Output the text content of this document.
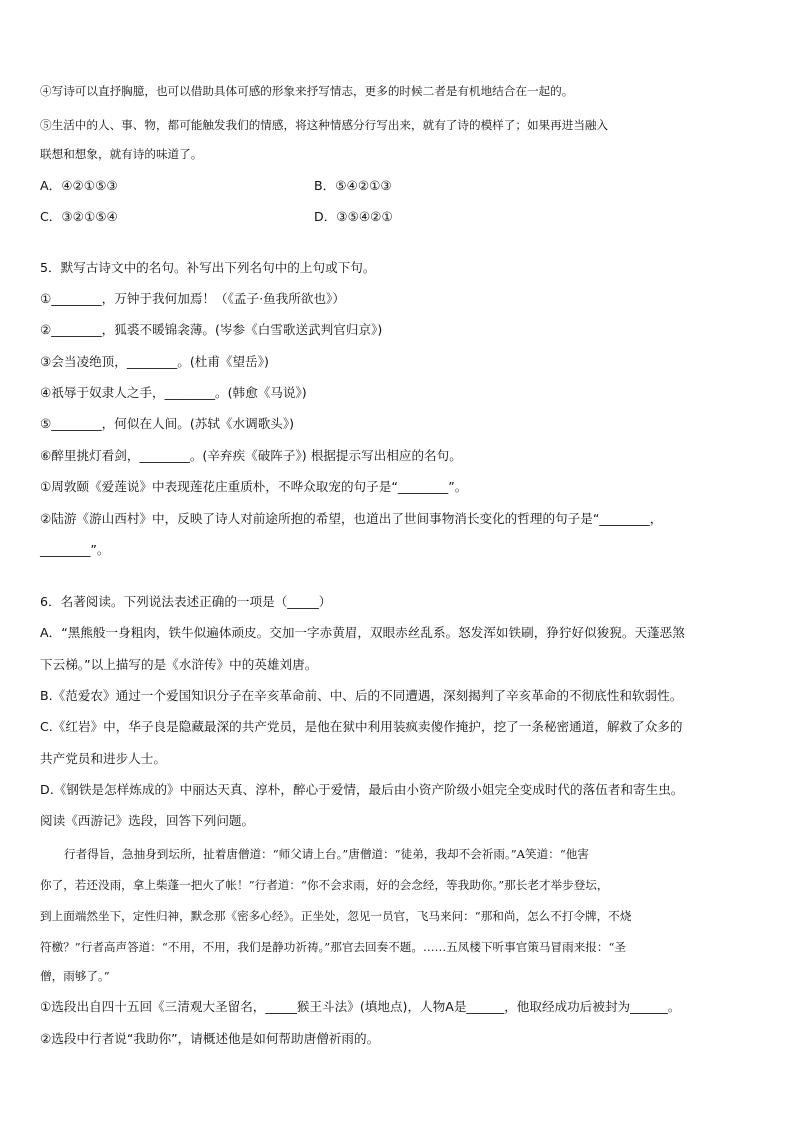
④写诗可以直抒胸臆，也可以借助具体可感的形象来抒写情志，更多的时候二者是有机地结合在一起的。
⑤生活中的人、事、物，都可能触发我们的情感，将这种情感分行写出来，就有了诗的模样了；如果再进当融入
联想和想象，就有诗的味道了。
A．④②①⑤③	B．⑤④②①③
C．③②①⑤④	D．③⑤④②①
5．默写古诗文中的名句。补写出下列名句中的上句或下句。
①________，万钟于我何加焉！（《孟子·鱼我所欲也》）
②________，狐裘不暖锦衾薄。(岑参《白雪歌送武判官归京》)
③会当凌绝顶，________。(杜甫《望岳》)
④祇辱于奴隶人之手，________。(韩愈《马说》)
⑤________，何似在人间。(苏轼《水调歌头》)
⑥醉里挑灯看剑，________。(辛弃疾《破阵子》) 根据提示写出相应的名句。
①周敦颐《爱莲说》中表现莲花庄重质朴，不哗众取宠的句子是“________”。
②陆游《游山西村》中，反映了诗人对前途所抱的希望，也道出了世间事物消长变化的哲理的句子是“________，
________”。
6．名著阅读。下列说法表述正确的一项是（_____）
A．“黑熊般一身粗肉，铁牛似遍体顽皮。交加一字赤黄眉，双眼赤丝乱系。怒发浑如铁刷，狰狞好似狻猊。天蓬恶煞
下云梯。”以上描写的是《水浒传》中的英雄刘唐。
B.《范爱农》通过一个爱国知识分子在辛亥革命前、中、后的不同遭遇，深刻揭判了辛亥革命的不彻底性和软弱性。
C.《红岩》中，华子良是隐藏最深的共产党员，是他在狱中利用装疯卖傻作掩护，挖了一条秘密通道，解救了众多的
共产党员和进步人士。
D.《钢铁是怎样炼成的》中丽达天真、淳朴，醉心于爱情，最后由小资产阶级小姐完全变成时代的落伍者和寄生虫。
阅读《西游记》选段，回答下列问题。
行者得旨，急抽身到坛所，扯着唐僧道：“师父请上台。”唐僧道：“徒弟，我却不会祈雨。”A笑道：“他害
你了，若还没雨，拿上柴蓬一把火了帐！”行者道：“你不会求雨，好的会念经，等我助你。”那长老才举步登坛，
到上面端然坐下，定性归神，默念那《密多心经》。正坐处，忽见一员官，飞马来问：“那和尚，怎么不打令牌，不烧
符檄？”行者高声答道：“不用，不用，我们是静功祈祷。”那官去回奏不题。……五凤楼下听事官策马冒雨来报：“圣
僧，雨够了。”
①选段出自四十五回《三清观大圣留名，_____猴王斗法》(填地点)，人物A是______，他取经成功后被封为______。
②选段中行者说“我助你”，请概述他是如何帮助唐僧祈雨的。
